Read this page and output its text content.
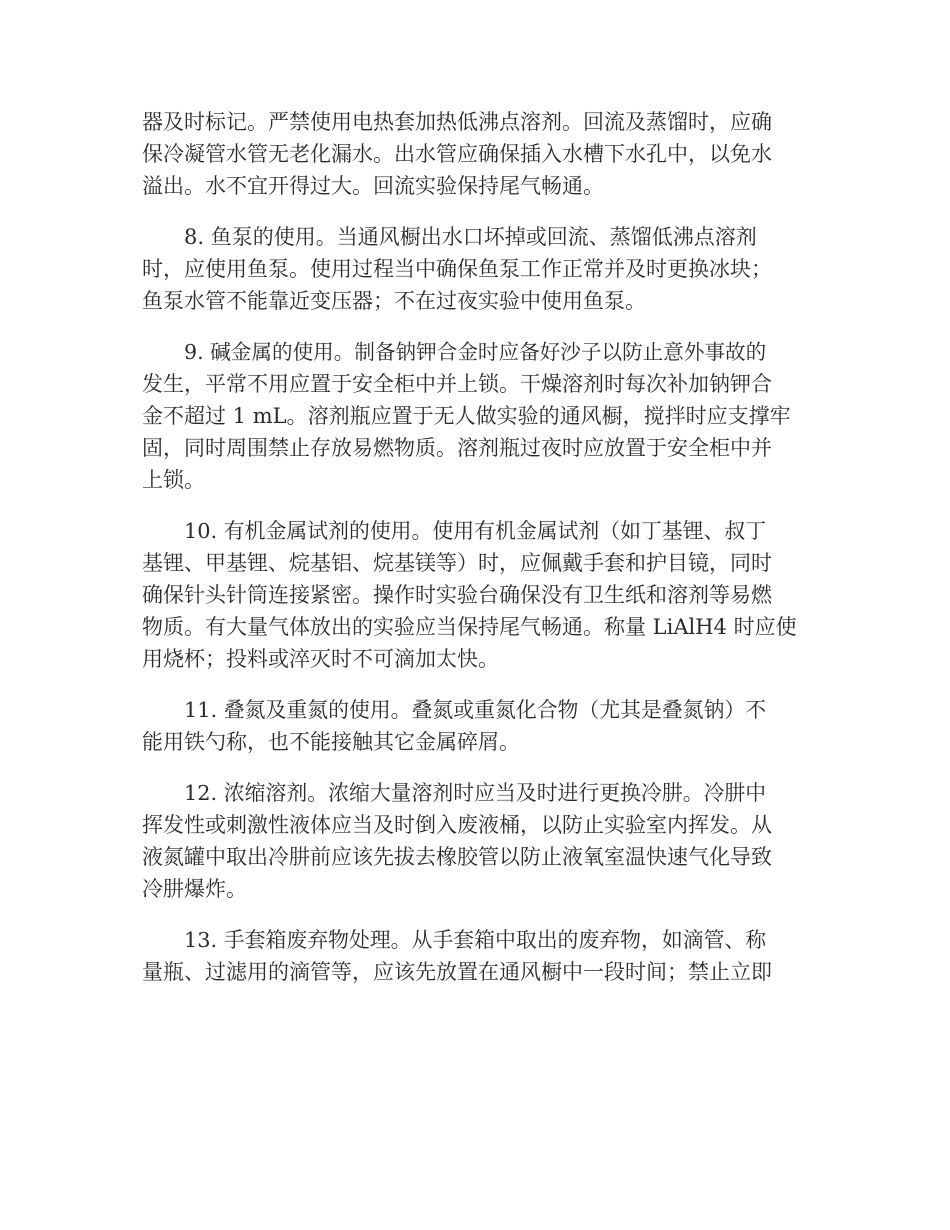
器及时标记。严禁使用电热套加热低沸点溶剂。回流及蒸馏时，应确
保冷凝管水管无老化漏水。出水管应确保插入水槽下水孔中，以免水
溢出。水不宜开得过大。回流实验保持尾气畅通。
8. 鱼泵的使用。当通风橱出水口坏掉或回流、蒸馏低沸点溶剂
时，应使用鱼泵。使用过程当中确保鱼泵工作正常并及时更换冰块；
鱼泵水管不能靠近变压器；不在过夜实验中使用鱼泵。
9. 碱金属的使用。制备钠钾合金时应备好沙子以防止意外事故的
发生，平常不用应置于安全柜中并上锁。干燥溶剂时每次补加钠钾合
金不超过 1 mL。溶剂瓶应置于无人做实验的通风橱，搅拌时应支撑牢
固，同时周围禁止存放易燃物质。溶剂瓶过夜时应放置于安全柜中并
上锁。
10. 有机金属试剂的使用。使用有机金属试剂（如丁基锂、叔丁
基锂、甲基锂、烷基铝、烷基镁等）时，应佩戴手套和护目镜，同时
确保针头针筒连接紧密。操作时实验台确保没有卫生纸和溶剂等易燃
物质。有大量气体放出的实验应当保持尾气畅通。称量 LiAlH4 时应使
用烧杯；投料或淬灭时不可滴加太快。
11. 叠氮及重氮的使用。叠氮或重氮化合物（尤其是叠氮钠）不
能用铁勺称，也不能接触其它金属碎屑。
12. 浓缩溶剂。浓缩大量溶剂时应当及时进行更换冷肼。冷肼中
挥发性或刺激性液体应当及时倒入废液桶，以防止实验室内挥发。从
液氮罐中取出冷肼前应该先拔去橡胶管以防止液氧室温快速气化导致
冷肼爆炸。
13. 手套箱废弃物处理。从手套箱中取出的废弃物，如滴管、称
量瓶、过滤用的滴管等，应该先放置在通风橱中一段时间；禁止立即
